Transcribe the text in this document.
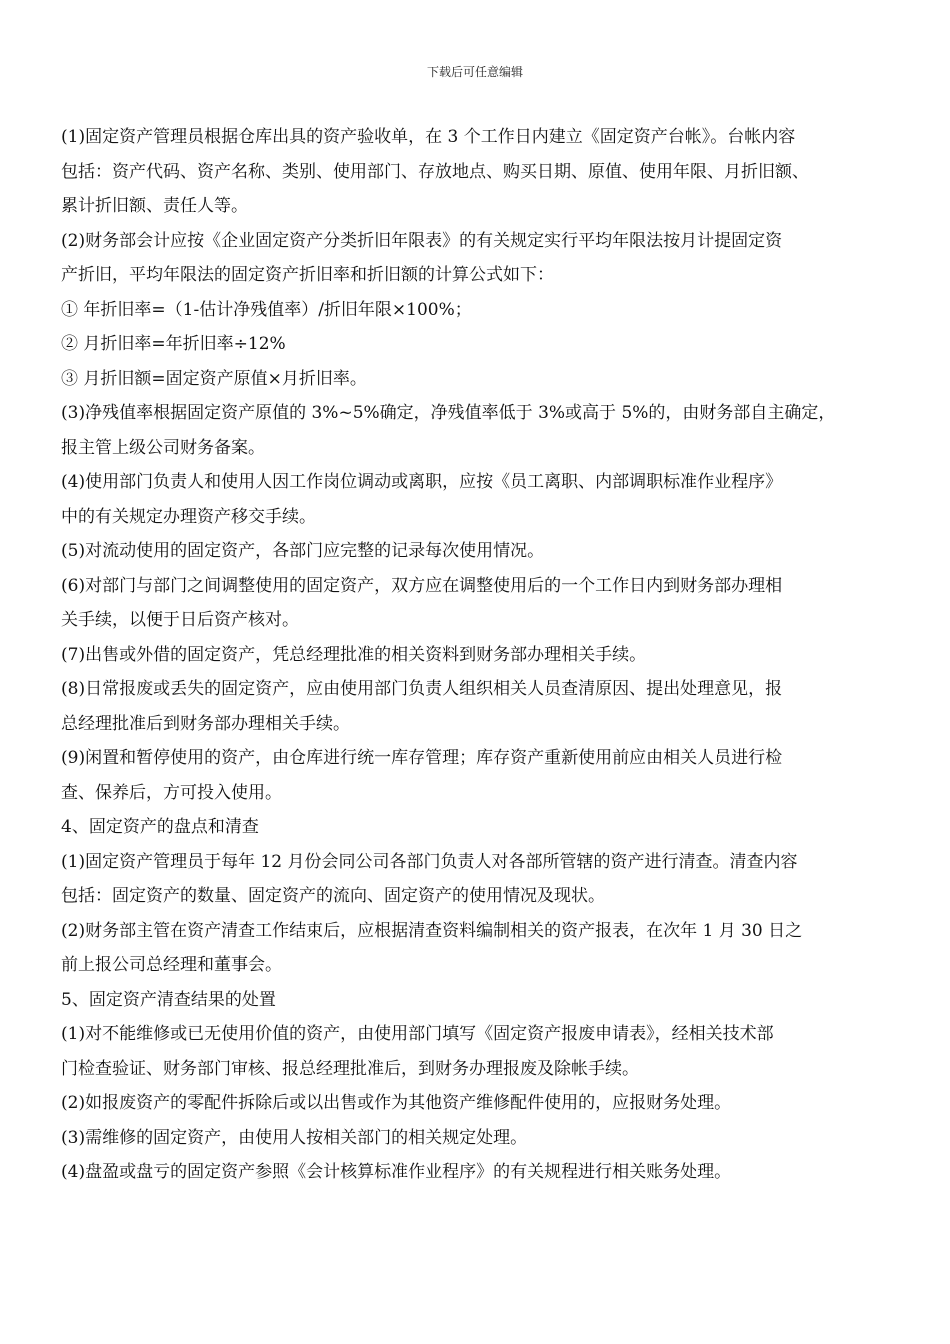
下载后可任意编辑
(1)固定资产管理员根据仓库出具的资产验收单，在 3 个工作日内建立《固定资产台帐》。台帐内容
包括：资产代码、资产名称、类别、使用部门、存放地点、购买日期、原值、使用年限、月折旧额、
累计折旧额、责任人等。
(2)财务部会计应按《企业固定资产分类折旧年限表》的有关规定实行平均年限法按月计提固定资
产折旧，平均年限法的固定资产折旧率和折旧额的计算公式如下：
① 年折旧率=（1-估计净残值率）/折旧年限×100%；
② 月折旧率=年折旧率÷12%
③ 月折旧额=固定资产原值×月折旧率。
(3)净残值率根据固定资产原值的 3%~5%确定，净残值率低于 3%或高于 5%的，由财务部自主确定，
报主管上级公司财务备案。
(4)使用部门负责人和使用人因工作岗位调动或离职，应按《员工离职、内部调职标准作业程序》
中的有关规定办理资产移交手续。
(5)对流动使用的固定资产，各部门应完整的记录每次使用情况。
(6)对部门与部门之间调整使用的固定资产，双方应在调整使用后的一个工作日内到财务部办理相
关手续，以便于日后资产核对。
(7)出售或外借的固定资产，凭总经理批准的相关资料到财务部办理相关手续。
(8)日常报废或丢失的固定资产，应由使用部门负责人组织相关人员查清原因、提出处理意见，报
总经理批准后到财务部办理相关手续。
(9)闲置和暂停使用的资产，由仓库进行统一库存管理；库存资产重新使用前应由相关人员进行检
查、保养后，方可投入使用。
4、固定资产的盘点和清查
(1)固定资产管理员于每年 12 月份会同公司各部门负责人对各部所管辖的资产进行清查。清查内容
包括：固定资产的数量、固定资产的流向、固定资产的使用情况及现状。
(2)财务部主管在资产清查工作结束后，应根据清查资料编制相关的资产报表，在次年 1 月 30 日之
前上报公司总经理和董事会。
5、固定资产清查结果的处置
(1)对不能维修或已无使用价值的资产，由使用部门填写《固定资产报废申请表》，经相关技术部
门检查验证、财务部门审核、报总经理批准后，到财务办理报废及除帐手续。
(2)如报废资产的零配件拆除后或以出售或作为其他资产维修配件使用的，应报财务处理。
(3)需维修的固定资产，由使用人按相关部门的相关规定处理。
(4)盘盈或盘亏的固定资产参照《会计核算标准作业程序》的有关规程进行相关账务处理。
